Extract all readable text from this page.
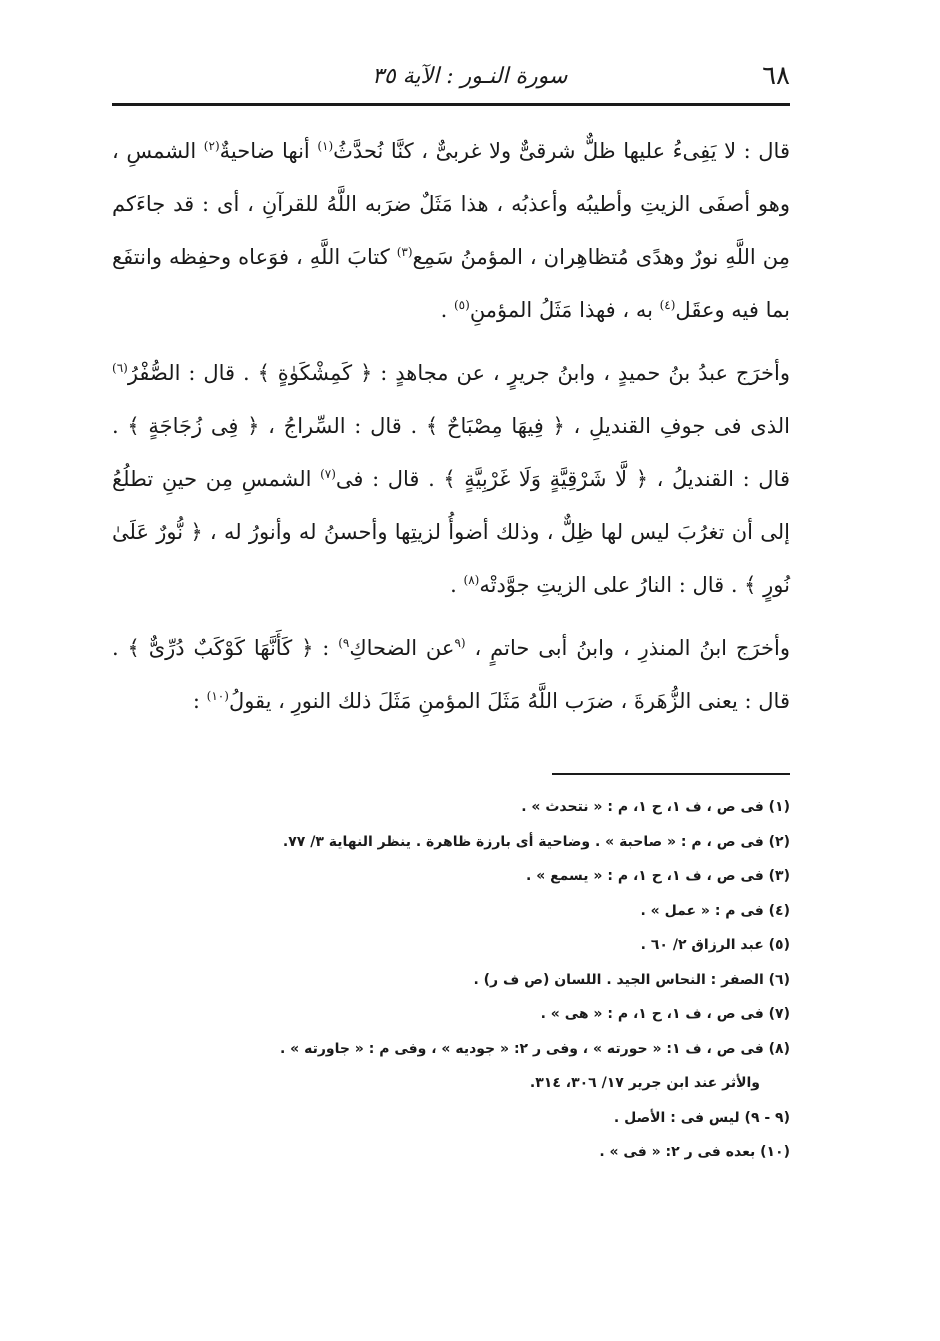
٦٨
سورة النـور : الآية ٣٥

قال : لا يَفِىءُ عليها ظلٌّ شرقىٌّ ولا غربىٌّ ، كنَّا نُحدَّثُ$^{(١)}$ أنها ضاحيةٌ$^{(٢)}$ الشمسِ ، وهو أصفَى الزيتِ وأطيبُه وأعذبُه ، هذا مَثَلٌ ضرَبه اللَّهُ للقرآنِ ، أى : قد جاءَكم مِن اللَّهِ نورٌ وهدًى مُتظاهِران ، المؤمنُ سَمِع$^{(٣)}$ كتابَ اللَّهِ ، فوَعاه وحفِظه وانتفَع بما فيه وعقَل$^{(٤)}$ به ، فهذا مَثَلُ المؤمنِ$^{(٥)}$ .

وأخرَج عبدُ بنُ حميدٍ ، وابنُ جريرٍ ، عن مجاهدٍ : ﴿ كَمِشْكَوٰةٍ ﴾ . قال : الصُّفْرُ$^{(٦)}$ الذى فى جوفِ القنديلِ ، ﴿ فِيهَا مِصْبَاحٌ ﴾ . قال : السِّراجُ ، ﴿ فِى زُجَاجَةٍ ﴾ . قال : القنديلُ ، ﴿ لَّا شَرْقِيَّةٍ وَلَا غَرْبِيَّةٍ ﴾ . قال : فى$^{(٧)}$ الشمسِ مِن حينِ تطلُعُ إلى أن تغرُبَ ليس لها ظِلٌّ ، وذلك أضوأُ لزيتِها وأحسنُ له وأنورُ له ، ﴿ نُّورٌ عَلَىٰ نُورٍ ﴾ . قال : النارُ على الزيتِ جوَّدتْه$^{(٨)}$ .

وأخرَج ابنُ المنذرِ ، وابنُ أبى حاتمٍ ، $^{(٩}$عن الضحاكِ$^{٩)}$ : ﴿ كَأَنَّهَا كَوْكَبٌ دُرِّىٌّ ﴾ . قال : يعنى الزُّهَرةَ ، ضرَب اللَّهُ مَثَلَ المؤمنِ مَثَلَ ذلك النورِ ، يقولُ$^{(١٠)}$ :

(١) فى ص ، ف ١، ح ١، م : « نتحدث » .
(٢) فى ص ، م : « صاحبة » . وضاحية أى بارزة ظاهرة . ينظر النهاية ٣/ ٧٧.
(٣) فى ص ، ف ١، ح ١، م : « يسمع » .
(٤) فى م : « عمل » .
(٥) عبد الرزاق ٢/ ٦٠ .
(٦) الصفر : النحاس الجيد . اللسان (ص ف ر) .
(٧) فى ص ، ف ١، ح ١، م : « هى » .
(٨) فى ص ، ف ١: « حورته » ، وفى ر ٢: « جوديه » ، وفى م : « جاورته » .
والأثر عند ابن جرير ١٧/ ٣٠٦، ٣١٤.
(٩ - ٩) ليس فى : الأصل .
(١٠) بعده فى ر ٢: « فى » .
